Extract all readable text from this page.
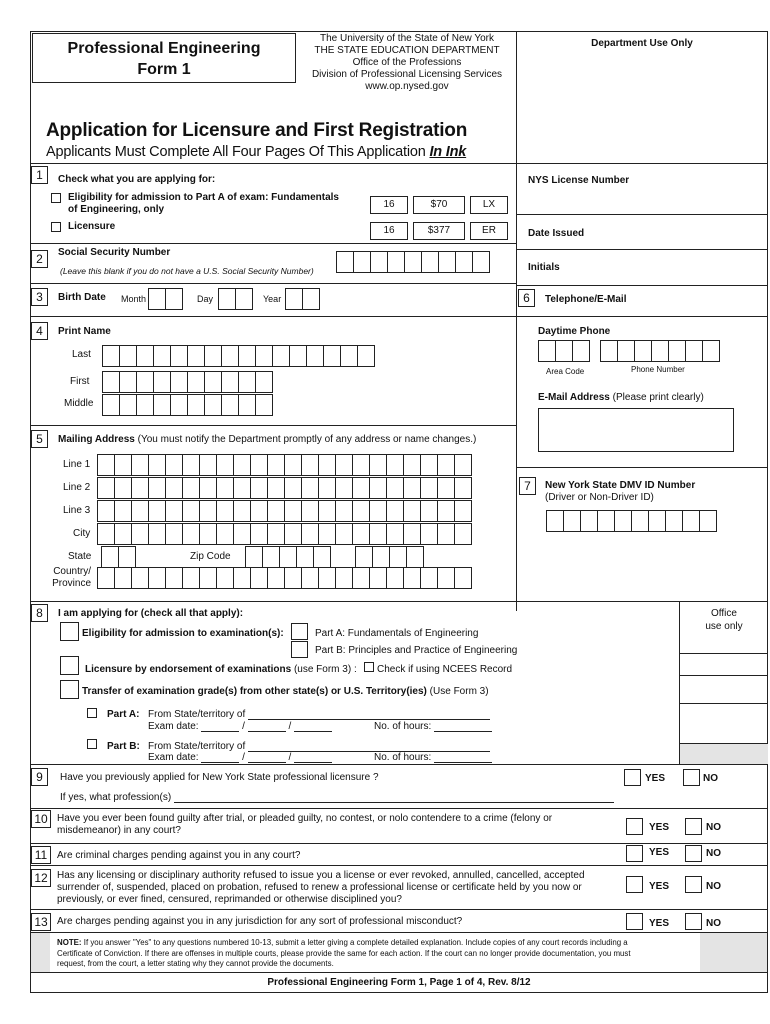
Professional Engineering
Form 1
The University of the State of New York
THE STATE EDUCATION DEPARTMENT
Office of the Professions
Division of Professional Licensing Services
www.op.nysed.gov
Department Use Only
Application for Licensure and First Registration
Applicants Must Complete All Four Pages Of This Application In Ink
NYS License Number
Date Issued
Initials
1	Check what you are applying for:
Eligibility for admission to Part A of exam: Fundamentals
of Engineering, only
Licensure
16	$70	LX
16	$377	ER
2	Social Security Number
(Leave this blank if you do not have a U.S. Social Security Number)
3	Birth Date Month	Day	Year	6	Telephone/E-Mail
Daytime Phone
Area Code	Phone Number
E-Mail Address (Please print clearly)
4	Print Name
Last
First
Middle
5	Mailing Address (You must notify the Department promptly of any address or name changes.)
Line 1
Line 2
Line 3
City
State	Zip Code
Country/
Province
7	New York State DMV ID Number
(Driver or Non-Driver ID)
8	I am applying for (check all that apply):	Office
use only
Eligibility for admission to examination(s):	Part A: Fundamentals of Engineering
Part B: Principles and Practice of Engineering
Licensure by endorsement of examinations (use Form 3) : Check if using NCEES Record
Transfer of examination grade(s) from other state(s) or U.S. Territory(ies) (Use Form 3)
Part A: From State/territory of
Exam date:	/	/	No. of hours:
Part B: From State/territory of
Exam date:	/	/	No. of hours:
9	Have you previously applied for New York State professional licensure ?	YES	NO
If yes, what profession(s)
10 Have you ever been found guilty after trial, or pleaded guilty, no contest, or nolo contendere to a crime (felony or
misdemeanor) in any court?	YES	NO
11 Are criminal charges pending against you in any court?	YES	NO
12 Has any licensing or disciplinary authority refused to issue you a license or ever revoked, annulled, cancelled, accepted
surrender of, suspended, placed on probation, refused to renew a professional license or certificate held by you now or
previously, or ever fined, censured, reprimanded or otherwise disciplined you?
YES	NO
13 Are charges pending against you in any jurisdiction for any sort of professional misconduct?	YES	NO
NOTE: If you answer "Yes" to any questions numbered 10-13, submit a letter giving a complete detailed explanation. Include copies of any court records including a
Certificate of Conviction. If there are offenses in multiple courts, please provide the same for each action. If the court can no longer provide documentation, you must
request, from the court, a letter stating why they cannot provide the documents.
Professional Engineering Form 1, Page 1 of 4, Rev. 8/12
